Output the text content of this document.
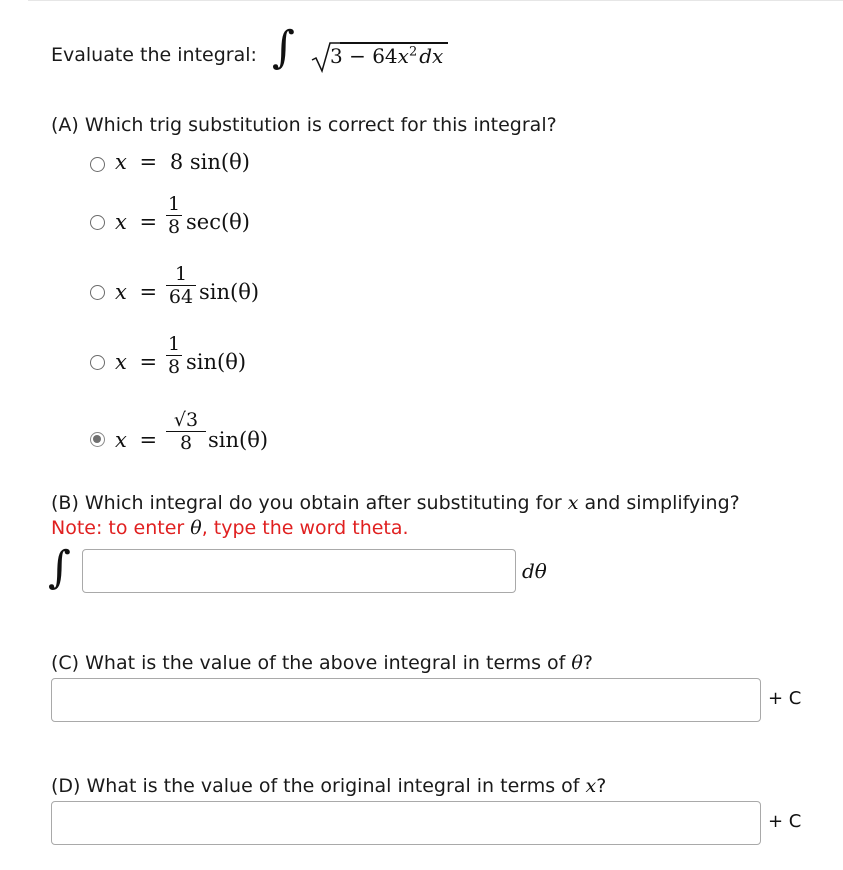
Evaluate the integral: ∫ $3 - 64x^2$ dx
(A) Which trig substitution is correct for this integral?
x = 8 sin(θ)
x =
1
8 sec(θ)
x =
1
64 sin(θ)
x =
1
8 sin(θ)
x =
√3
8 sin(θ)
(B) Which integral do you obtain after substituting for x and simplifying?
Note: to enter θ, type the word theta.
∫	dθ
(C) What is the value of the above integral in terms of θ?
+ C
(D) What is the value of the original integral in terms of x?
+ C
